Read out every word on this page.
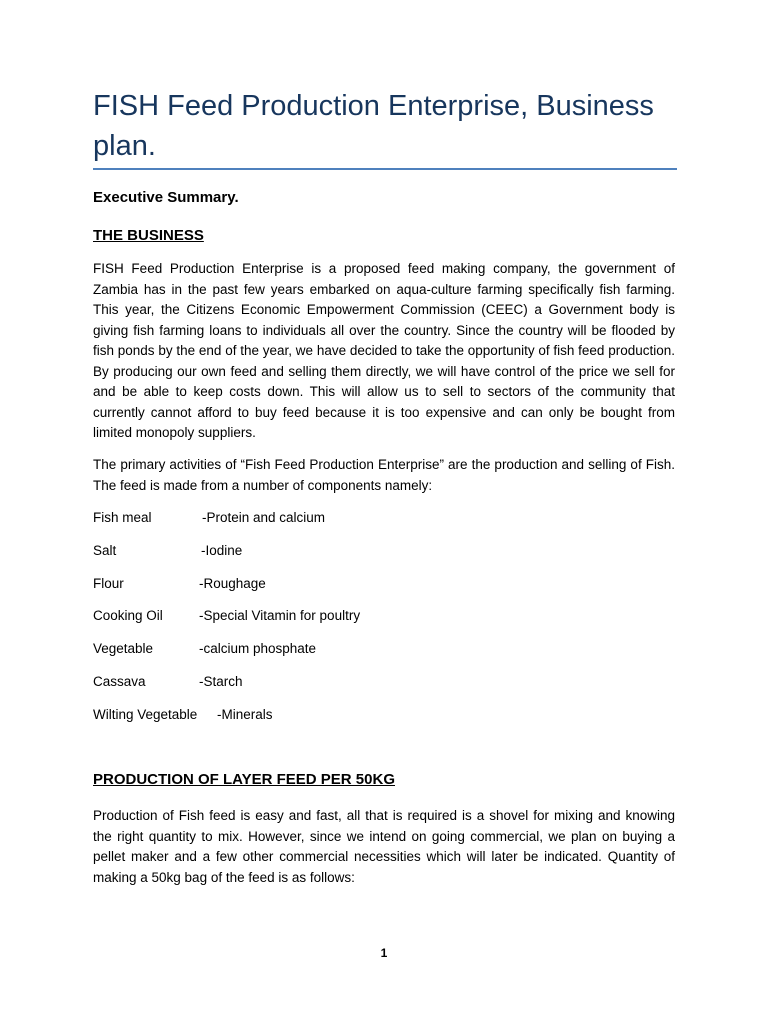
FISH Feed Production Enterprise, Business plan.
Executive Summary.
THE BUSINESS
FISH Feed Production Enterprise is a proposed feed making company, the government of Zambia has in the past few years embarked on aqua-culture farming specifically fish farming. This year, the Citizens Economic Empowerment Commission (CEEC) a Government body is giving fish farming loans to individuals all over the country. Since the country will be flooded by fish ponds by the end of the year, we have decided to take the opportunity of fish feed production. By producing our own feed and selling them directly, we will have control of the price we sell for and be able to keep costs down. This will allow us to sell to sectors of the community that currently cannot afford to buy feed because it is too expensive and can only be bought from limited monopoly suppliers.
The primary activities of “Fish Feed Production Enterprise” are the production and selling of Fish. The feed is made from a number of components namely:
Fish meal	-Protein and calcium
Salt	-Iodine
Flour	-Roughage
Cooking Oil	-Special Vitamin for poultry
Vegetable	-calcium phosphate
Cassava	-Starch
Wilting Vegetable -Minerals
PRODUCTION OF LAYER FEED PER 50KG
Production of Fish feed is easy and fast, all that is required is a shovel for mixing and knowing the right quantity to mix. However, since we intend on going commercial, we plan on buying a pellet maker and a few other commercial necessities which will later be indicated. Quantity of making a 50kg bag of the feed is as follows:
1
